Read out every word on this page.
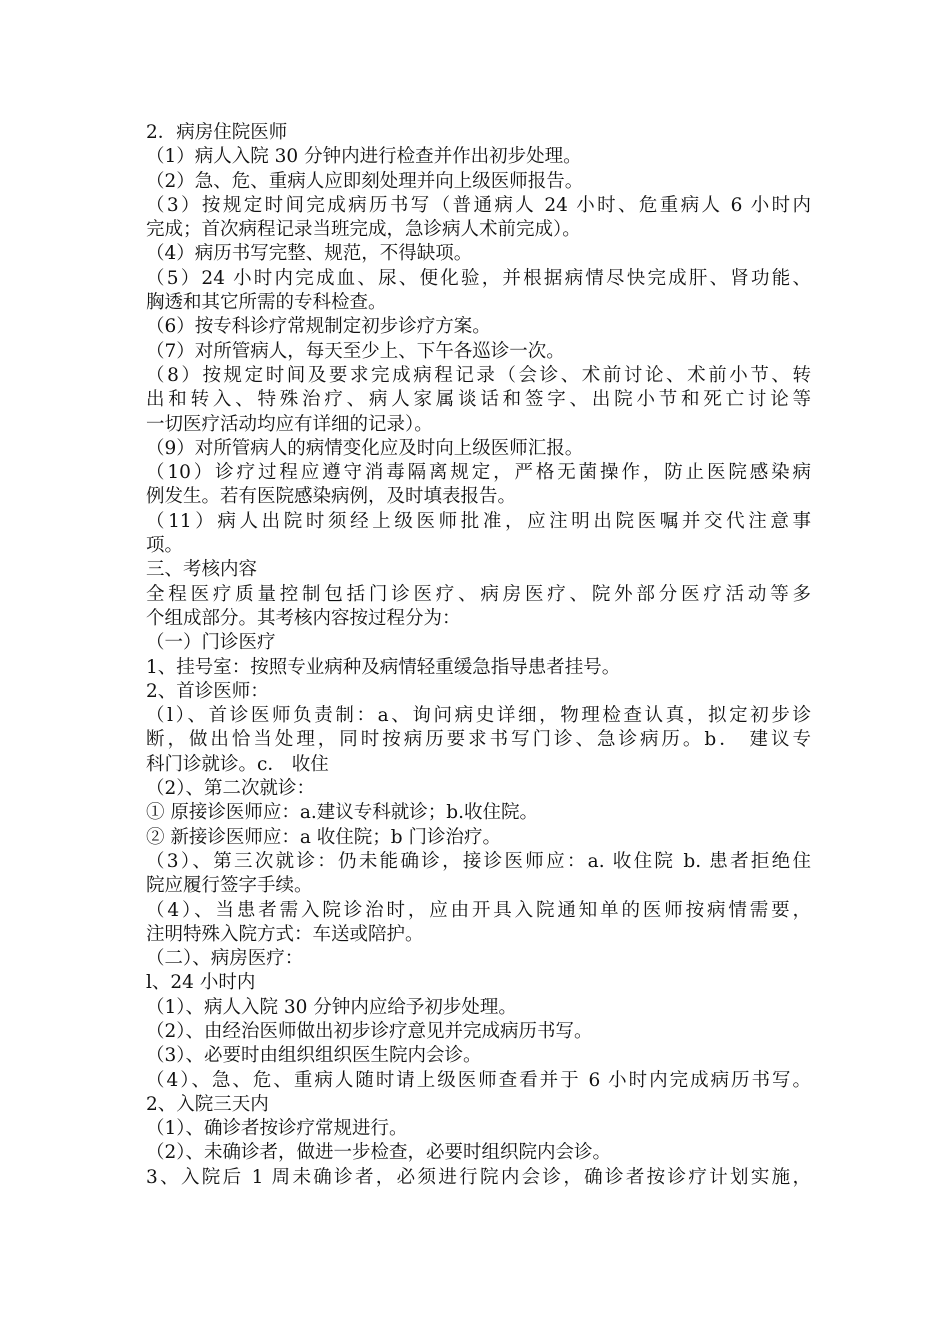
2．病房住院医师
（1）病人入院 30 分钟内进行检查并作出初步处理。
（2）急、危、重病人应即刻处理并向上级医师报告。
（3）按规定时间完成病历书写（普通病人 24 小时、危重病人 6 小时内
完成；首次病程记录当班完成，急诊病人术前完成）。
（4）病历书写完整、规范，不得缺项。
（5）24 小时内完成血、尿、便化验，并根据病情尽快完成肝、肾功能、
胸透和其它所需的专科检查。
（6）按专科诊疗常规制定初步诊疗方案。
（7）对所管病人，每天至少上、下午各巡诊一次。
（8）按规定时间及要求完成病程记录（会诊、术前讨论、术前小节、转
出和转入、特殊治疗、病人家属谈话和签字、出院小节和死亡讨论等
一切医疗活动均应有详细的记录）。
（9）对所管病人的病情变化应及时向上级医师汇报。
（10）诊疗过程应遵守消毒隔离规定，严格无菌操作，防止医院感染病
例发生。若有医院感染病例，及时填表报告。
（11）病人出院时须经上级医师批准，应注明出院医嘱并交代注意事
项。
三、考核内容
全程医疗质量控制包括门诊医疗、病房医疗、院外部分医疗活动等多
个组成部分。其考核内容按过程分为：
（一）门诊医疗
1、挂号室：按照专业病种及病情轻重缓急指导患者挂号。
2、首诊医师：
（l）、首诊医师负责制：a、询问病史详细，物理检查认真，拟定初步诊
断，做出恰当处理，同时按病历要求书写门诊、急诊病历。b． 建议专
科门诊就诊。c． 收住
（2）、第二次就诊：
① 原接诊医师应：a.建议专科就诊；b.收住院。
② 新接诊医师应：a 收住院；b 门诊治疗。
（3）、第三次就诊：仍未能确诊，接诊医师应：a. 收住院 b. 患者拒绝住
院应履行签字手续。
（4）、当患者需入院诊治时，应由开具入院通知单的医师按病情需要，
注明特殊入院方式：车送或陪护。
（二）、病房医疗：
l、24 小时内
（1）、病人入院 30 分钟内应给予初步处理。
（2）、由经治医师做出初步诊疗意见并完成病历书写。
（3）、必要时由组织组织医生院内会诊。
（4）、急、危、重病人随时请上级医师查看并于 6 小时内完成病历书写。
2、入院三天内
（1）、确诊者按诊疗常规进行。
（2）、未确诊者，做进一步检查，必要时组织院内会诊。
3、入院后 1 周未确诊者，必须进行院内会诊，确诊者按诊疗计划实施，
